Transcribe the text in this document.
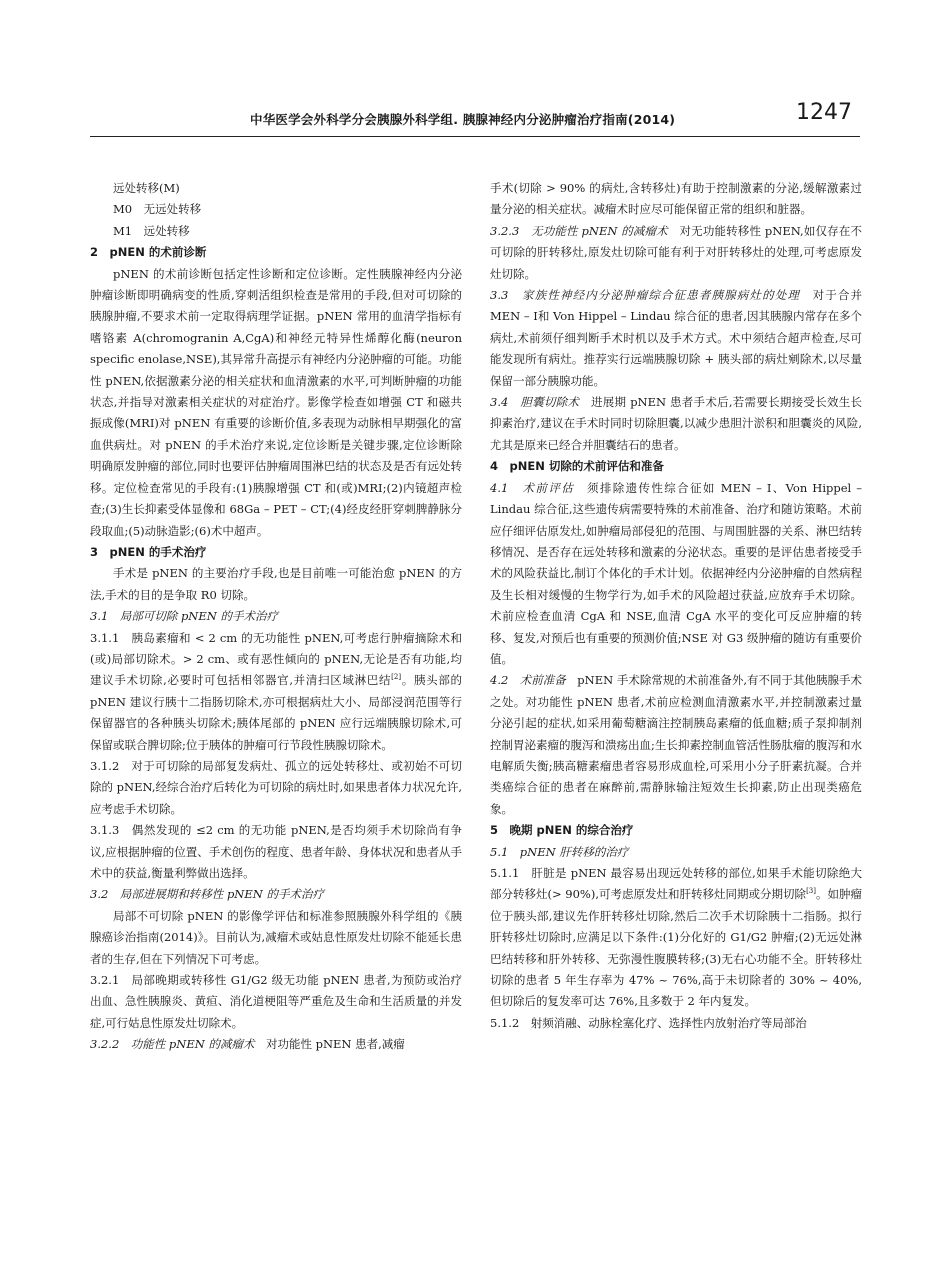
中华医学会外科学分会胰腺外科学组. 胰腺神经内分泌肿瘤治疗指南(2014)	1247

远处转移(M)

M0　无远处转移

M1　远处转移

2　pNEN 的术前诊断

pNEN 的术前诊断包括定性诊断和定位诊断。定性胰腺神经内分泌肿瘤诊断即明确病变的性质,穿刺活组织检查是常用的手段,但对可切除的胰腺肿瘤,不要求术前一定取得病理学证据。pNEN 常用的血清学指标有嗜铬素 A(chromogranin A,CgA)和神经元特异性烯醇化酶(neuron specific enolase,NSE),其异常升高提示有神经内分泌肿瘤的可能。功能性 pNEN,依据激素分泌的相关症状和血清激素的水平,可判断肿瘤的功能状态,并指导对激素相关症状的对症治疗。影像学检查如增强 CT 和磁共振成像(MRI)对 pNEN 有重要的诊断价值,多表现为动脉相早期强化的富血供病灶。对 pNEN 的手术治疗来说,定位诊断是关键步骤,定位诊断除明确原发肿瘤的部位,同时也要评估肿瘤周围淋巴结的状态及是否有远处转移。定位检查常见的手段有:(1)胰腺增强 CT 和(或)MRI;(2)内镜超声检查;(3)生长抑素受体显像和 68Ga – PET – CT;(4)经皮经肝穿刺脾静脉分段取血;(5)动脉造影;(6)术中超声。

3　pNEN 的手术治疗

手术是 pNEN 的主要治疗手段,也是目前唯一可能治愈 pNEN 的方法,手术的目的是争取 R0 切除。

3.1　局部可切除 pNEN 的手术治疗

3.1.1　胰岛素瘤和 < 2 cm 的无功能性 pNEN,可考虑行肿瘤摘除术和(或)局部切除术。> 2 cm、或有恶性倾向的 pNEN,无论是否有功能,均建议手术切除,必要时可包括相邻器官,并清扫区域淋巴结[2]。胰头部的 pNEN 建议行胰十二指肠切除术,亦可根据病灶大小、局部浸润范围等行保留器官的各种胰头切除术;胰体尾部的 pNEN 应行远端胰腺切除术,可保留或联合脾切除;位于胰体的肿瘤可行节段性胰腺切除术。

3.1.2　对于可切除的局部复发病灶、孤立的远处转移灶、或初始不可切除的 pNEN,经综合治疗后转化为可切除的病灶时,如果患者体力状况允许,应考虑手术切除。

3.1.3　偶然发现的 ≤2 cm 的无功能 pNEN,是否均须手术切除尚有争议,应根据肿瘤的位置、手术创伤的程度、患者年龄、身体状况和患者从手术中的获益,衡量利弊做出选择。

3.2　局部进展期和转移性 pNEN 的手术治疗

局部不可切除 pNEN 的影像学评估和标准参照胰腺外科学组的《胰腺癌诊治指南(2014)》。目前认为,减瘤术或姑息性原发灶切除不能延长患者的生存,但在下列情况下可考虑。

3.2.1　局部晚期或转移性 G1/G2 级无功能 pNEN 患者,为预防或治疗出血、急性胰腺炎、黄疸、消化道梗阻等严重危及生命和生活质量的并发症,可行姑息性原发灶切除术。

3.2.2　功能性 pNEN 的减瘤术　对功能性 pNEN 患者,减瘤

手术(切除 > 90% 的病灶,含转移灶)有助于控制激素的分泌,缓解激素过量分泌的相关症状。减瘤术时应尽可能保留正常的组织和脏器。

3.2.3　无功能性 pNEN 的减瘤术　对无功能转移性 pNEN,如仅存在不可切除的肝转移灶,原发灶切除可能有利于对肝转移灶的处理,可考虑原发灶切除。

3.3　家族性神经内分泌肿瘤综合征患者胰腺病灶的处理　对于合并 MEN – Ⅰ和 Von Hippel – Lindau 综合征的患者,因其胰腺内常存在多个病灶,术前须仔细判断手术时机以及手术方式。术中须结合超声检查,尽可能发现所有病灶。推荐实行远端胰腺切除 + 胰头部的病灶剜除术,以尽量保留一部分胰腺功能。

3.4　胆囊切除术　进展期 pNEN 患者手术后,若需要长期接受长效生长抑素治疗,建议在手术时同时切除胆囊,以减少患胆汁淤积和胆囊炎的风险,尤其是原来已经合并胆囊结石的患者。

4　pNEN 切除的术前评估和准备

4.1　术前评估　须排除遗传性综合征如 MEN – Ⅰ、Von Hippel – Lindau 综合征,这些遗传病需要特殊的术前准备、治疗和随访策略。术前应仔细评估原发灶,如肿瘤局部侵犯的范围、与周围脏器的关系、淋巴结转移情况、是否存在远处转移和激素的分泌状态。重要的是评估患者接受手术的风险获益比,制订个体化的手术计划。依据神经内分泌肿瘤的自然病程及生长相对缓慢的生物学行为,如手术的风险超过获益,应放弃手术切除。术前应检查血清 CgA 和 NSE,血清 CgA 水平的变化可反应肿瘤的转移、复发,对预后也有重要的预测价值;NSE 对 G3 级肿瘤的随访有重要价值。

4.2　术前准备　pNEN 手术除常规的术前准备外,有不同于其他胰腺手术之处。对功能性 pNEN 患者,术前应检测血清激素水平,并控制激素过量分泌引起的症状,如采用葡萄糖滴注控制胰岛素瘤的低血糖;质子泵抑制剂控制胃泌素瘤的腹泻和溃疡出血;生长抑素控制血管活性肠肽瘤的腹泻和水电解质失衡;胰高糖素瘤患者容易形成血栓,可采用小分子肝素抗凝。合并类癌综合征的患者在麻醉前,需静脉输注短效生长抑素,防止出现类癌危象。

5　晚期 pNEN 的综合治疗

5.1　pNEN 肝转移的治疗

5.1.1　肝脏是 pNEN 最容易出现远处转移的部位,如果手术能切除绝大部分转移灶(> 90%),可考虑原发灶和肝转移灶同期或分期切除[3]。如肿瘤位于胰头部,建议先作肝转移灶切除,然后二次手术切除胰十二指肠。拟行肝转移灶切除时,应满足以下条件:(1)分化好的 G1/G2 肿瘤;(2)无远处淋巴结转移和肝外转移、无弥漫性腹膜转移;(3)无右心功能不全。肝转移灶切除的患者 5 年生存率为 47% ~ 76%,高于未切除者的 30% ~ 40%,但切除后的复发率可达 76%,且多数于 2 年内复发。

5.1.2　射频消融、动脉栓塞化疗、选择性内放射治疗等局部治
